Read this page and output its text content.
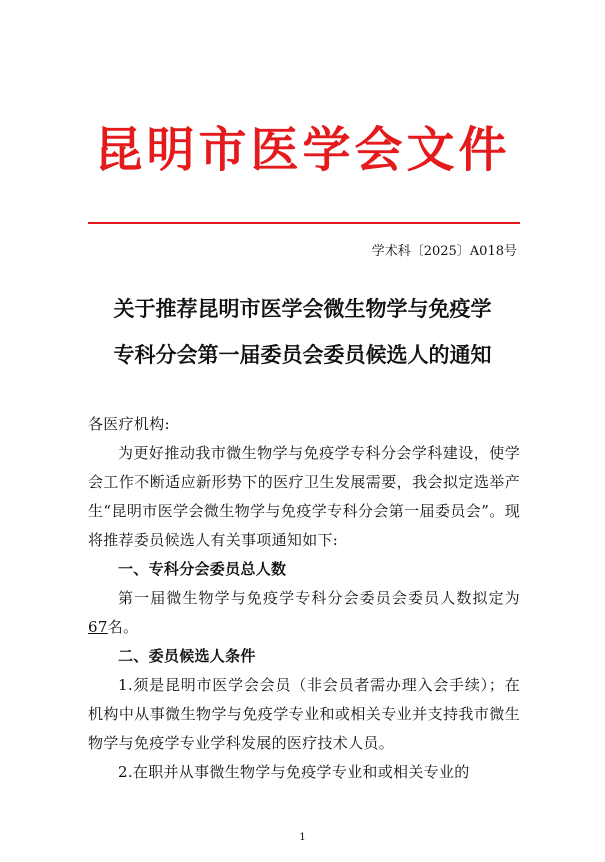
昆明市医学会文件
学术科〔2025〕A018号
关于推荐昆明市医学会微生物学与免疫学
专科分会第一届委员会委员候选人的通知

各医疗机构:

为更好推动我市微生物学与免疫学专科分会学科建设，使学会工作不断适应新形势下的医疗卫生发展需要，我会拟定选举产生“昆明市医学会微生物学与免疫学专科分会第一届委员会”。现将推荐委员候选人有关事项通知如下:

一、专科分会委员总人数

第一届微生物学与免疫学专科分会委员会委员人数拟定为67名。

二、委员候选人条件

1.须是昆明市医学会会员（非会员者需办理入会手续）；在机构中从事微生物学与免疫学专业和或相关专业并支持我市微生物学与免疫学专业学科发展的医疗技术人员。

2.在职并从事微生物学与免疫学专业和或相关专业的

1
